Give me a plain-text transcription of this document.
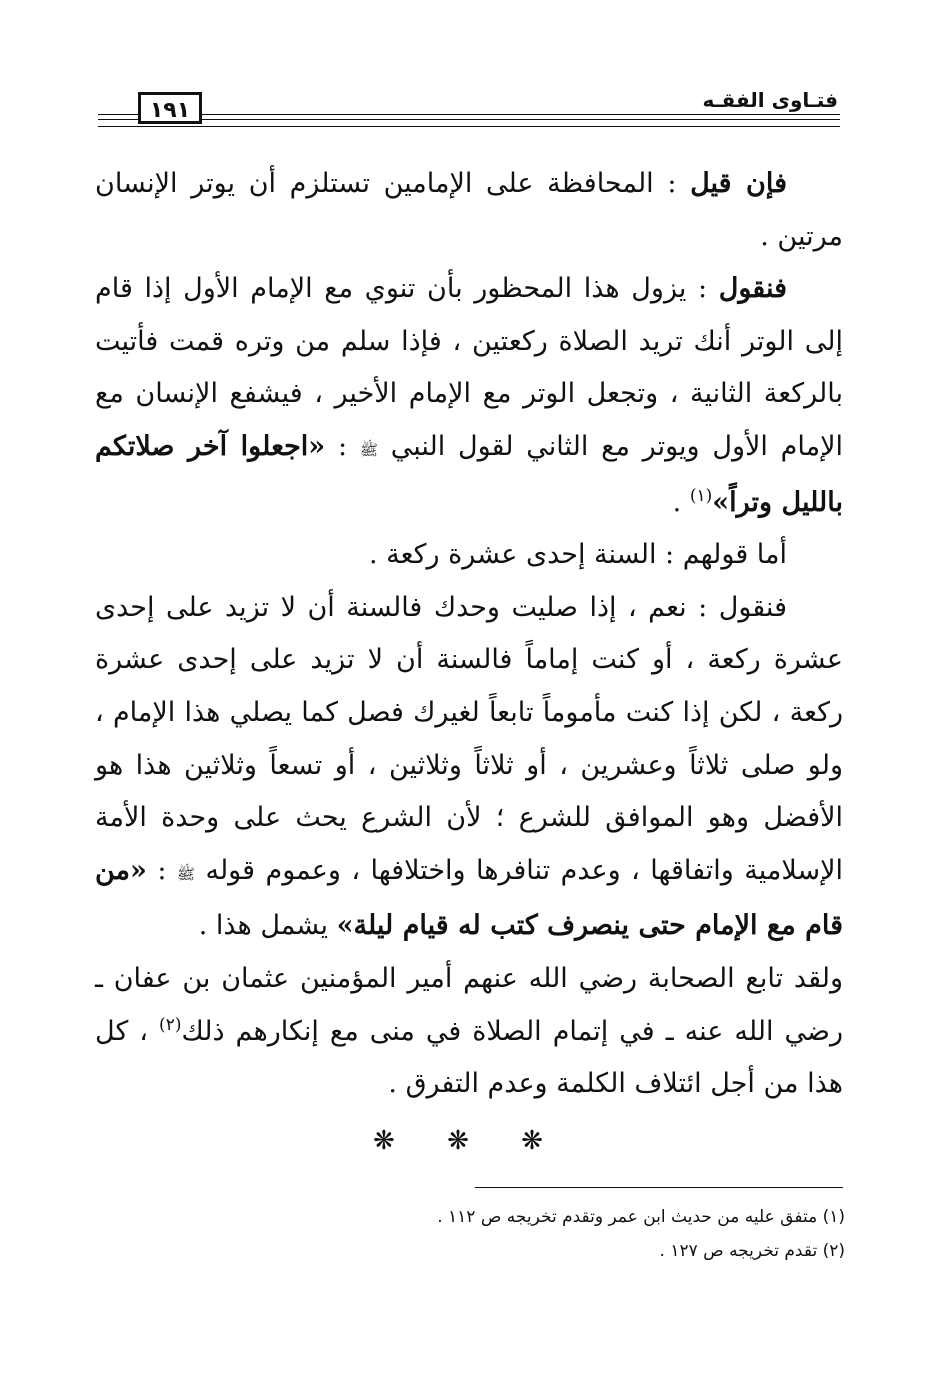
١٩١	فتـاوى الفقـه

فإن قيل : المحافظة على الإمامين تستلزم أن يوتر الإنسان مرتين .

فنقول : يزول هذا المحظور بأن تنوي مع الإمام الأول إذا قام إلى الوتر أنك تريد الصلاة ركعتين ، فإذا سلم من وتره قمت فأتيت بالركعة الثانية ، وتجعل الوتر مع الإمام الأخير ، فيشفع الإنسان مع الإمام الأول ويوتر مع الثاني لقول النبي ﷺ : «اجعلوا آخر صلاتكم بالليل وتراً»$^{(١)}$ .

أما قولهم : السنة إحدى عشرة ركعة .

فنقول : نعم ، إذا صليت وحدك فالسنة أن لا تزيد على إحدى عشرة ركعة ، أو كنت إماماً فالسنة أن لا تزيد على إحدى عشرة ركعة ، لكن إذا كنت مأموماً تابعاً لغيرك فصل كما يصلي هذا الإمام ، ولو صلى ثلاثاً وعشرين ، أو ثلاثاً وثلاثين ، أو تسعاً وثلاثين هذا هو الأفضل وهو الموافق للشرع ؛ لأن الشرع يحث على وحدة الأمة الإسلامية واتفاقها ، وعدم تنافرها واختلافها ، وعموم قوله ﷺ : «من قام مع الإمام حتى ينصرف كتب له قيام ليلة» يشمل هذا .

ولقد تابع الصحابة رضي الله عنهم أمير المؤمنين عثمان بن عفان ـ رضي الله عنه ـ في إتمام الصلاة في منى مع إنكارهم ذلك$^{(٢)}$ ، كل هذا من أجل ائتلاف الكلمة وعدم التفرق .

❋ ❋ ❋

(١) متفق عليه من حديث ابن عمر وتقدم تخريجه ص ١١٢ .

(٢) تقدم تخريجه ص ١٢٧ .
